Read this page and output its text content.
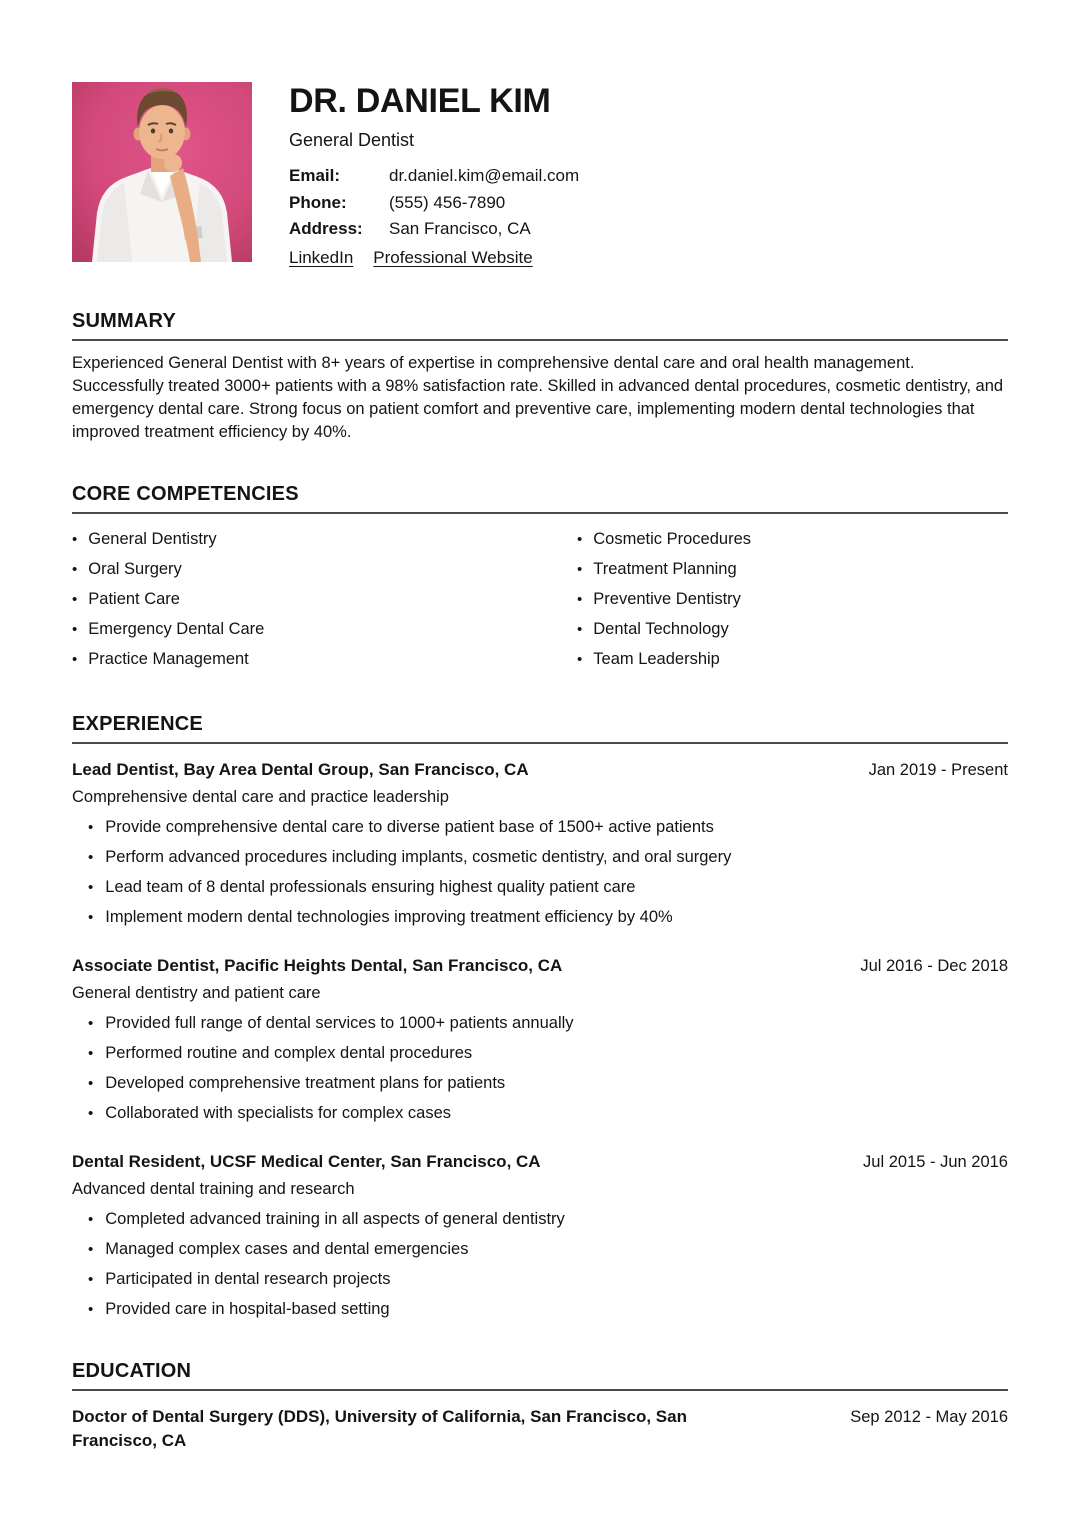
DR. DANIEL KIM
General Dentist
Email:	dr.daniel.kim@email.com
Phone:	(555) 456-7890
Address:	San Francisco, CA
LinkedIn Professional Website
SUMMARY

Experienced General Dentist with 8+ years of expertise in comprehensive dental care and oral health management. Successfully treated 3000+ patients with a 98% satisfaction rate. Skilled in advanced dental procedures, cosmetic dentistry, and emergency dental care. Strong focus on patient comfort and preventive care, implementing modern dental technologies that improved treatment efficiency by 40%.

CORE COMPETENCIES
• General Dentistry
• Oral Surgery
• Patient Care
• Emergency Dental Care
• Practice Management
• Cosmetic Procedures
• Treatment Planning
• Preventive Dentistry
• Dental Technology
• Team Leadership
EXPERIENCE
Lead Dentist, Bay Area Dental Group, San Francisco, CA	Jan 2019 - Present
Comprehensive dental care and practice leadership
• Provide comprehensive dental care to diverse patient base of 1500+ active patients
• Perform advanced procedures including implants, cosmetic dentistry, and oral surgery
• Lead team of 8 dental professionals ensuring highest quality patient care
• Implement modern dental technologies improving treatment efficiency by 40%
Associate Dentist, Pacific Heights Dental, San Francisco, CA	Jul 2016 - Dec 2018
General dentistry and patient care
• Provided full range of dental services to 1000+ patients annually
• Performed routine and complex dental procedures
• Developed comprehensive treatment plans for patients
• Collaborated with specialists for complex cases
Dental Resident, UCSF Medical Center, San Francisco, CA	Jul 2015 - Jun 2016
Advanced dental training and research
• Completed advanced training in all aspects of general dentistry
• Managed complex cases and dental emergencies
• Participated in dental research projects
• Provided care in hospital-based setting
EDUCATION
Doctor of Dental Surgery (DDS), University of California, San Francisco, San Francisco, CA
Sep 2012 - May 2016
